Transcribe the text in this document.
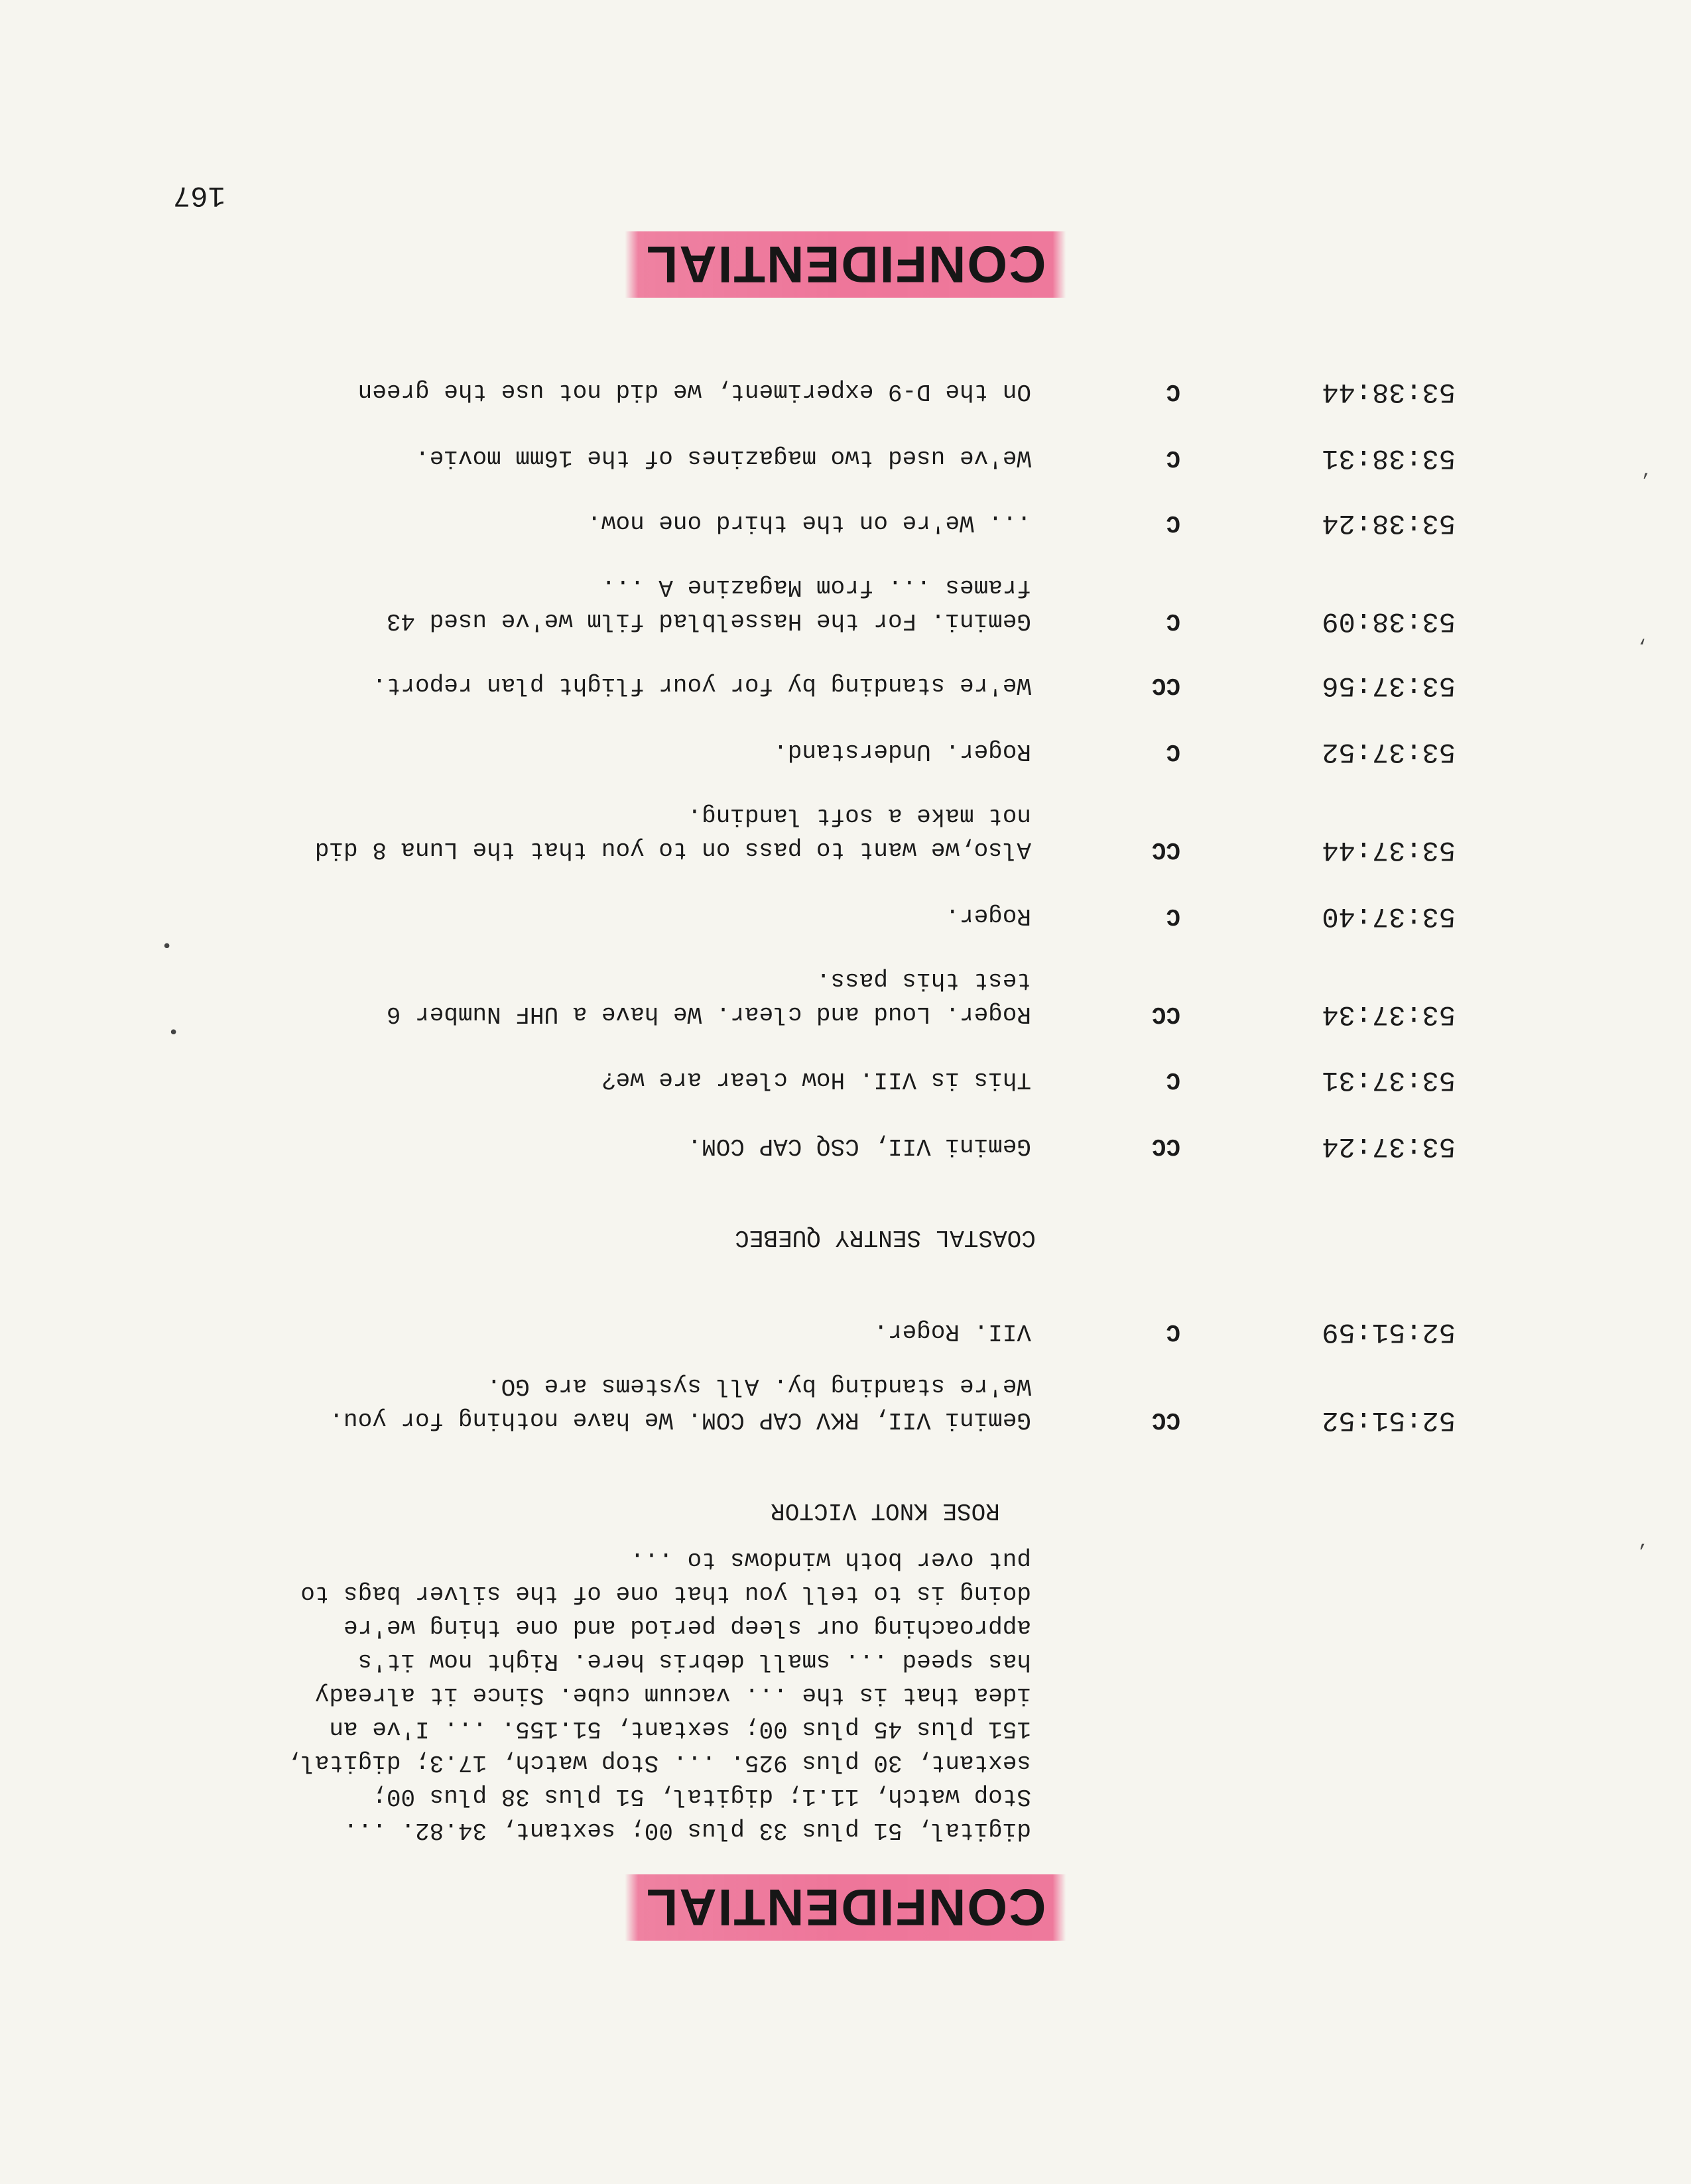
CONFIDENTIAL
167
digital, 51 plus 33 plus 00; sextant, 34.82. ...
Stop watch, 11.1; digital, 51 plus 38 plus 00;
sextant, 30 plus 925. ... Stop watch, 17.3; digital,
151 plus 45 plus 00; sextant, 51.155. ... I've an
idea that is the ... vacuum cube. Since it already
has speed ... small debris here. Right now it's
approaching our sleep period and one thing we're
doing is to tell you that one of the silver bags to
put over both windows to ...
ROSE KNOT VICTOR
52:51:52
CC
Gemini VII, RKV CAP COM. We have nothing for you.
We're standing by. All systems are GO.
52:51:59
C
VII. Roger.
COASTAL SENTRY QUEBEC
53:37:24
CC
Gemini VII, CSQ CAP COM.
53:37:31
C
This is VII. How clear are we?
53:37:34
CC
Roger. Loud and clear. We have a UHF Number 6
test this pass.
53:37:40
C
Roger.
53:37:44
CC
Also,we want to pass on to you that the Luna 8 did
not make a soft landing.
53:37:52
C
Roger. Understand.
53:37:56
CC
We're standing by for your flight plan report.
53:38:09
C
Gemini. For the Hasselblad film we've used 43
frames ... from Magazine A ...
53:38:24
C
... We're on the third one now.
53:38:31
C
We've used two magazines of the 16mm movie.
53:38:44
C
On the D-9 experiment, we did not use the green
CONFIDENTIAL
‘
’
‘
•
•
